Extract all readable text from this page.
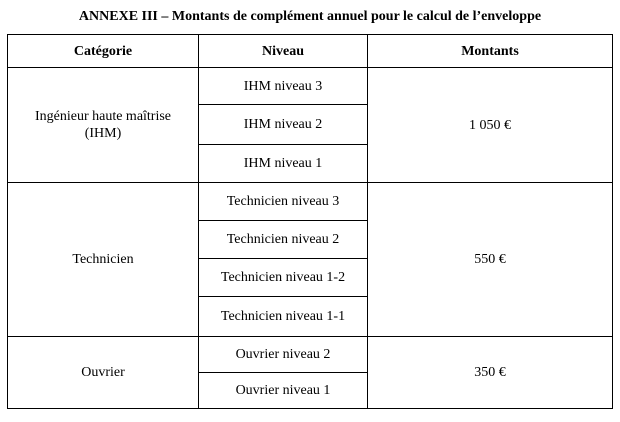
ANNEXE III – Montants de complément annuel pour le calcul de l’enveloppe
Catégorie	Niveau	Montants
Ingénieur haute maîtrise (IHM)	IHM niveau 3	1 050 €
	IHM niveau 2	
	IHM niveau 1	
Technicien	Technicien niveau 3	550 €
	Technicien niveau 2	
	Technicien niveau 1-2	
	Technicien niveau 1-1	
Ouvrier	Ouvrier niveau 2	350 €
	Ouvrier niveau 1	
